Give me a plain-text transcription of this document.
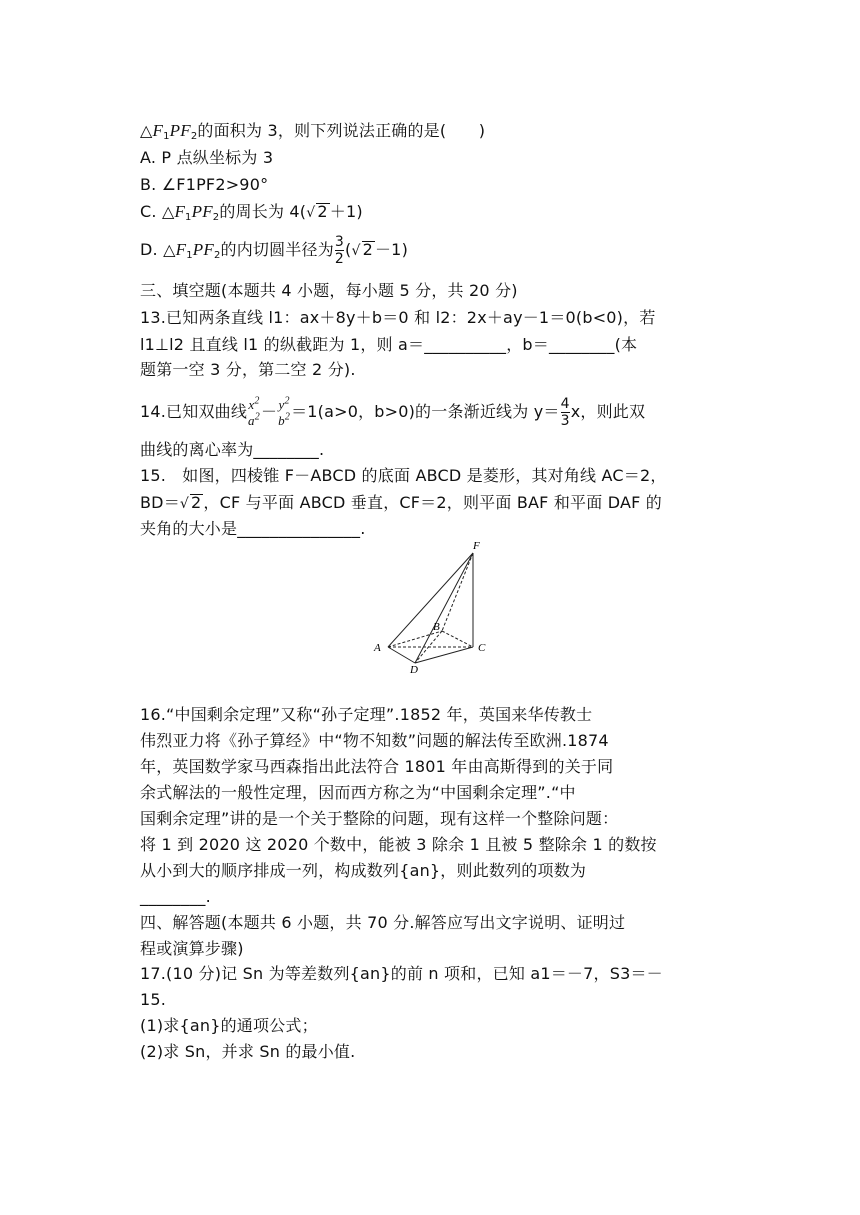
$\triangle F_1PF_2$的面积为 3，则下列说法正确的是(　　)
A. P 点纵坐标为 3
B. ∠F1PF2>90°
C. $\triangle F_1PF_2$的周长为 4(√ 2 ＋1)
D. $\triangle F_1PF_2$的内切圆半径为 $\frac{3}{2}$ (√ 2 －1)
三、填空题(本题共 4 小题，每小题 5 分，共 20 分)
13.已知两条直线 l1：ax＋8y＋b＝0 和 l2：2x＋ay－1＝0(b<0)，若
l1⊥l2 且直线 l1 的纵截距为 1，则 a＝__________，b＝________(本
题第一空 3 分，第二空 2 分).
14.已知双曲线 $x^2$
$a^2 - y^2$
$b^2 =1(a>0$，b>0)的一条渐近线为 $y= \frac{4}{3}$ x，则此双
曲线的离心率为________.
15.　如图，四棱锥 F－ABCD 的底面 ABCD 是菱形，其对角线 AC＝2，
BD＝√ 2 ，CF 与平面 ABCD 垂直，CF＝2，则平面 BAF 和平面 DAF 的
夹角的大小是_______________.
F
B
A	C
D
16.“中国剩余定理”又称“孙子定理”.1852 年，英国来华传教士
伟烈亚力将《孙子算经》中“物不知数”问题的解法传至欧洲.1874
年，英国数学家马西森指出此法符合 1801 年由高斯得到的关于同
余式解法的一般性定理，因而西方称之为“中国剩余定理”.“中
国剩余定理”讲的是一个关于整除的问题，现有这样一个整除问题：
将 1 到 2020 这 2020 个数中，能被 3 除余 1 且被 5 整除余 1 的数按
从小到大的顺序排成一列，构成数列{an}，则此数列的项数为
________.
四、解答题(本题共 6 小题，共 70 分.解答应写出文字说明、证明过
程或演算步骤)
17.(10 分)记 Sn 为等差数列{an}的前 n 项和，已知 a1＝－7，S3＝－
15.
(1)求{an}的通项公式；
(2)求 Sn，并求 Sn 的最小值.
